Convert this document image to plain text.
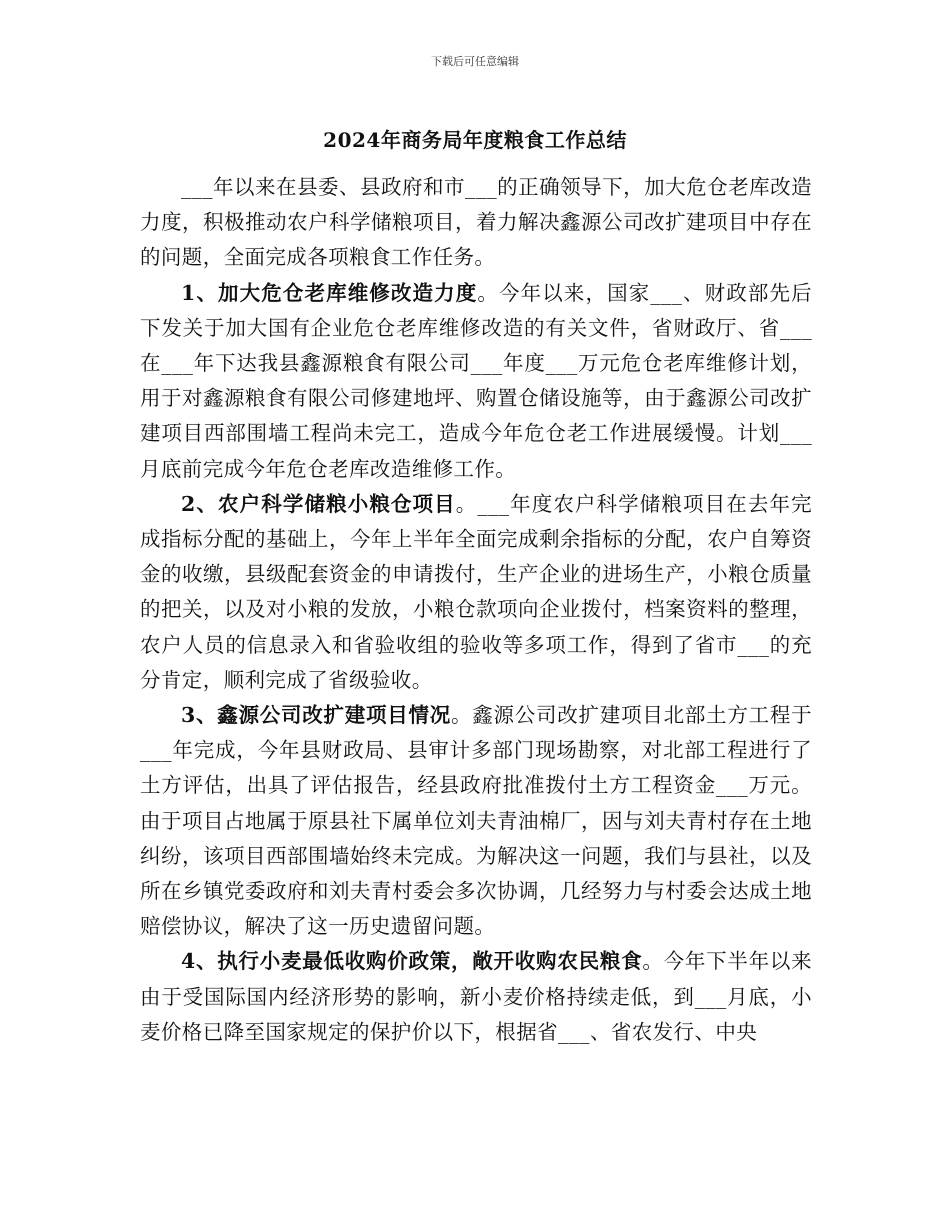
下载后可任意编辑
2024年商务局年度粮食工作总结

___年以来在县委、县政府和市___的正确领导下，加大危仓老库改造力度，积极推动农户科学储粮项目，着力解决鑫源公司改扩建项目中存在的问题，全面完成各项粮食工作任务。

1、加大危仓老库维修改造力度。今年以来，国家___、财政部先后下发关于加大国有企业危仓老库维修改造的有关文件，省财政厅、省___在___年下达我县鑫源粮食有限公司___年度___万元危仓老库维修计划，用于对鑫源粮食有限公司修建地坪、购置仓储设施等，由于鑫源公司改扩建项目西部围墙工程尚未完工，造成今年危仓老工作进展缓慢。计划___月底前完成今年危仓老库改造维修工作。

2、农户科学储粮小粮仓项目。___年度农户科学储粮项目在去年完成指标分配的基础上，今年上半年全面完成剩余指标的分配，农户自筹资金的收缴，县级配套资金的申请拨付，生产企业的进场生产，小粮仓质量的把关，以及对小粮的发放，小粮仓款项向企业拨付，档案资料的整理，农户人员的信息录入和省验收组的验收等多项工作，得到了省市___的充分肯定，顺利完成了省级验收。

3、鑫源公司改扩建项目情况。鑫源公司改扩建项目北部土方工程于___年完成，今年县财政局、县审计多部门现场勘察，对北部工程进行了土方评估，出具了评估报告，经县政府批准拨付土方工程资金___万元。由于项目占地属于原县社下属单位刘夫青油棉厂，因与刘夫青村存在土地纠纷，该项目西部围墙始终未完成。为解决这一问题，我们与县社，以及所在乡镇党委政府和刘夫青村委会多次协调，几经努力与村委会达成土地赔偿协议，解决了这一历史遗留问题。

4、执行小麦最低收购价政策，敞开收购农民粮食。今年下半年以来由于受国际国内经济形势的影响，新小麦价格持续走低，到___月底，小麦价格已降至国家规定的保护价以下，根据省___、省农发行、中央
